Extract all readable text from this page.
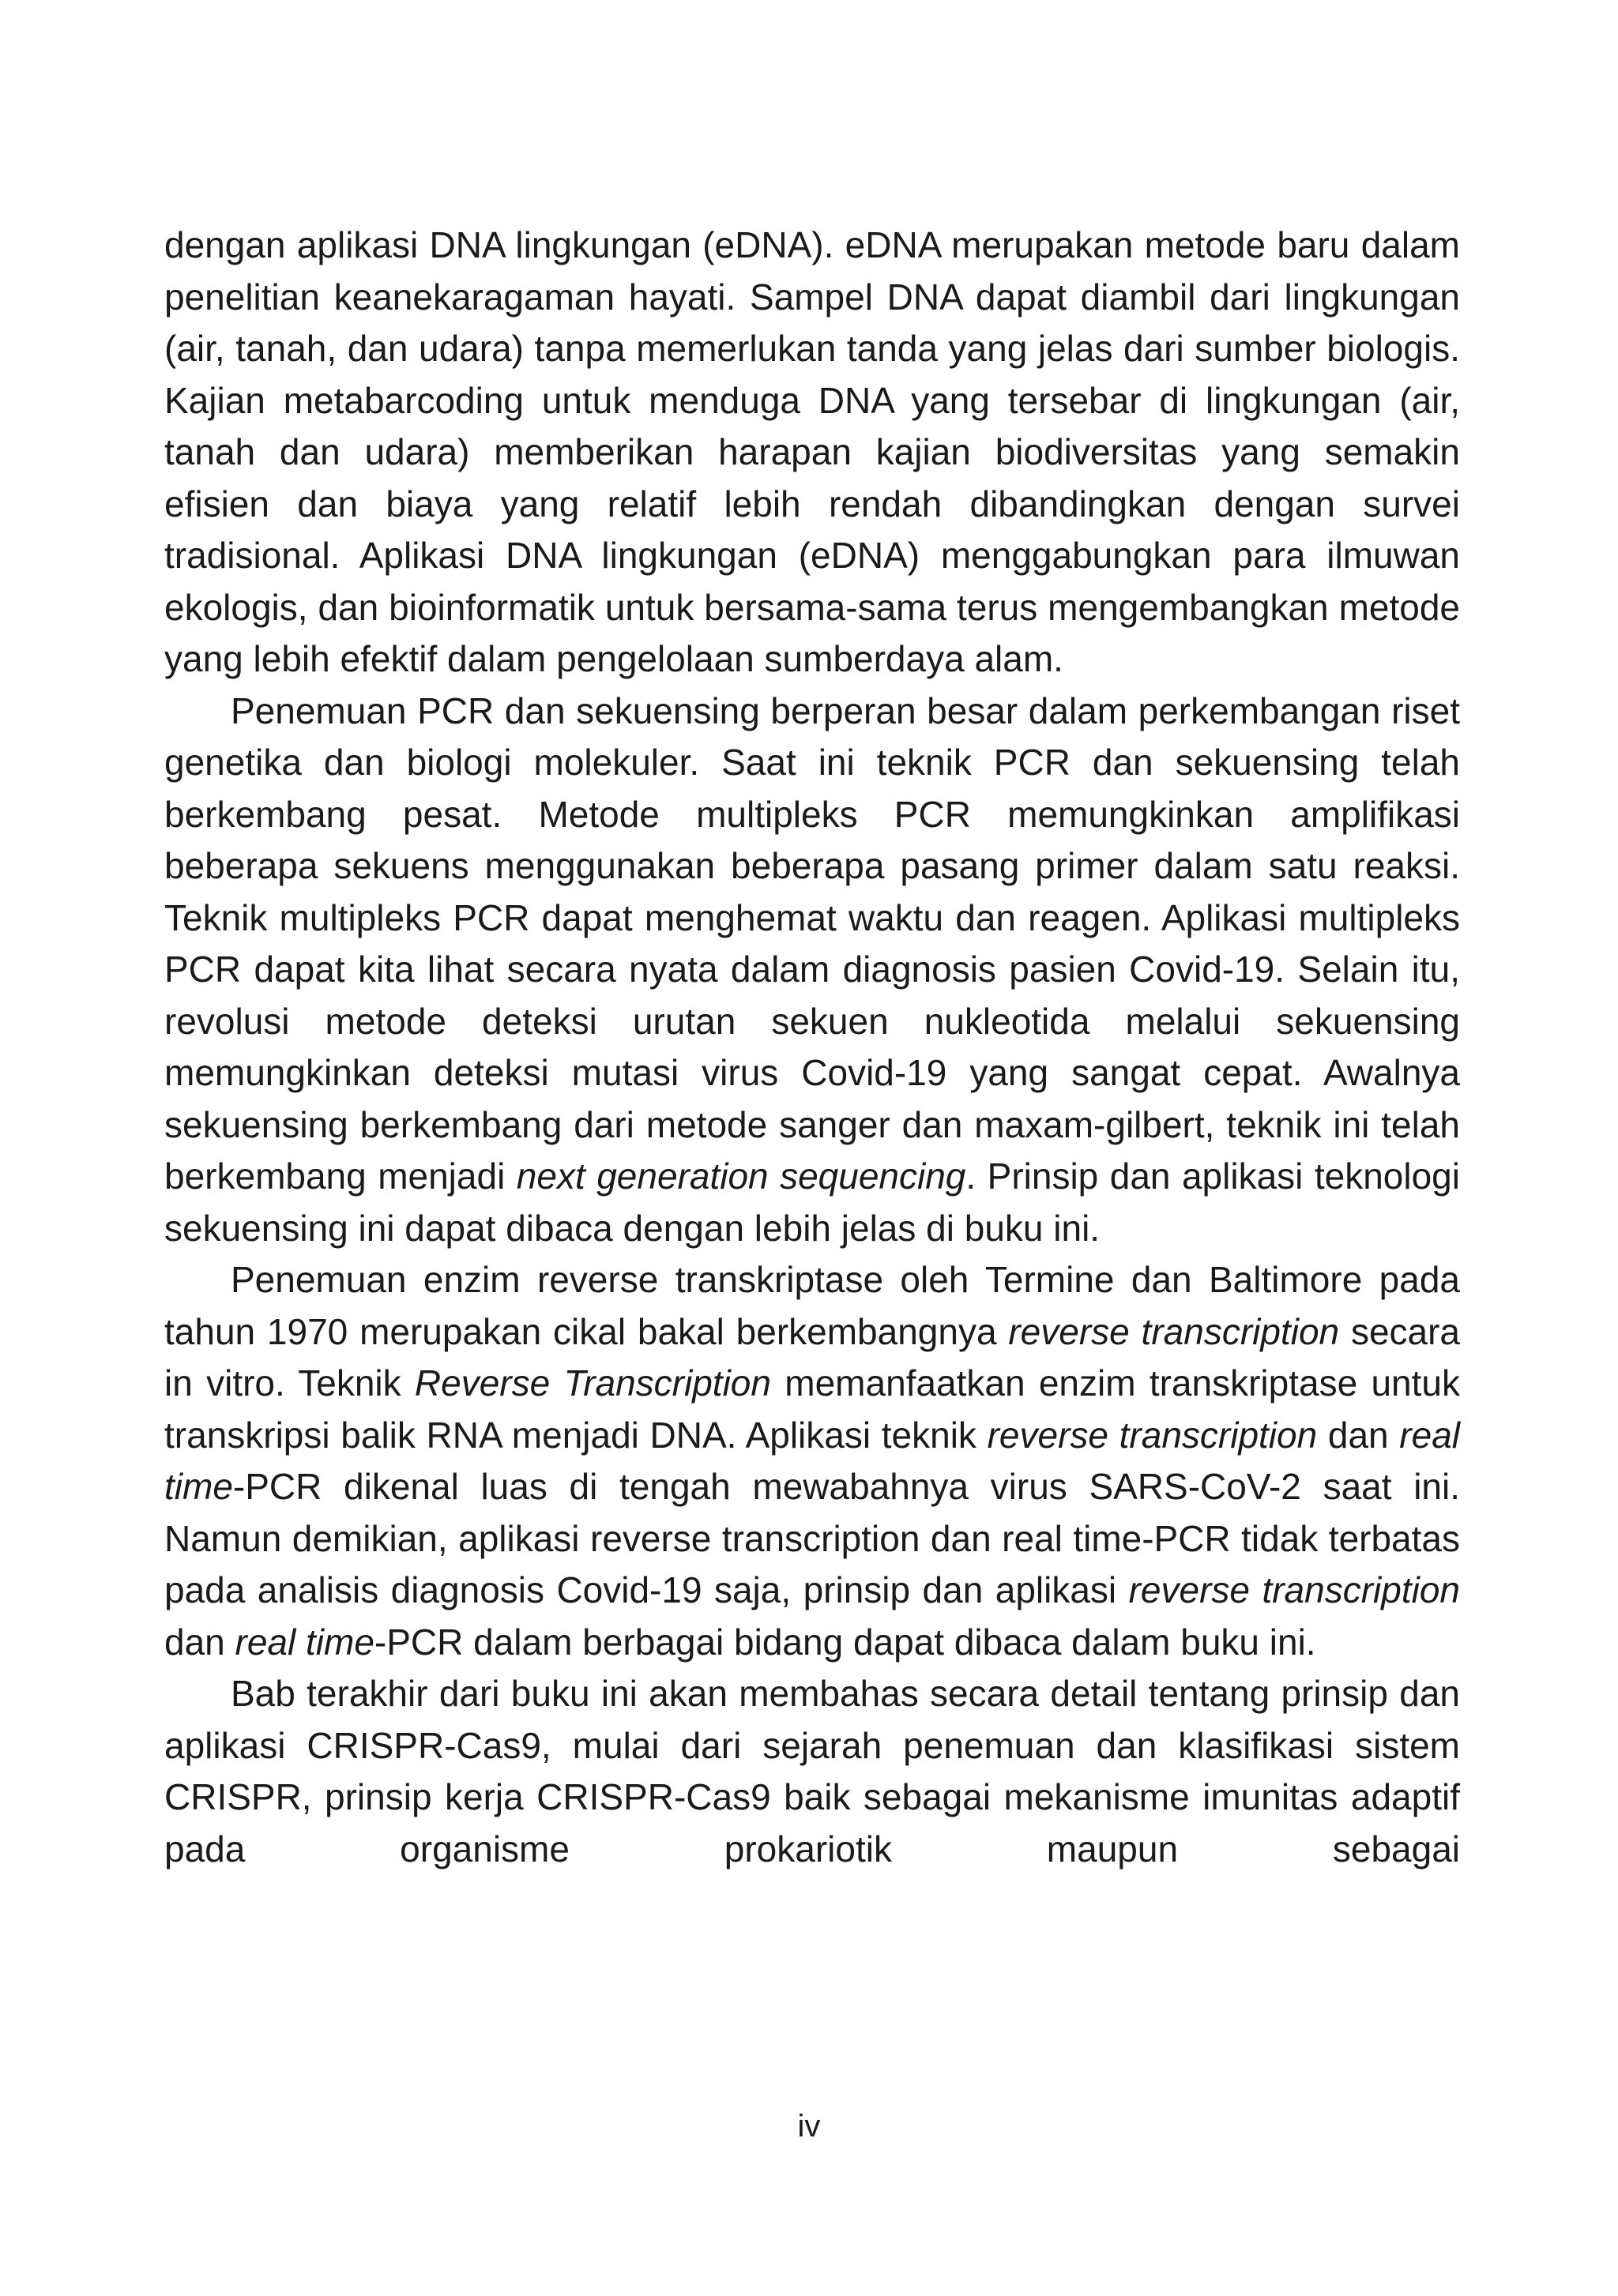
dengan aplikasi DNA lingkungan (eDNA). eDNA merupakan metode baru dalam penelitian keanekaragaman hayati. Sampel DNA dapat diambil dari lingkungan (air, tanah, dan udara) tanpa memerlukan tanda yang jelas dari sumber biologis. Kajian metabarcoding untuk menduga DNA yang tersebar di lingkungan (air, tanah dan udara) memberikan harapan kajian biodiversitas yang semakin efisien dan biaya yang relatif lebih rendah dibandingkan dengan survei tradisional. Aplikasi DNA lingkungan (eDNA) menggabungkan para ilmuwan ekologis, dan bioinformatik untuk bersama-sama terus mengembangkan metode yang lebih efektif dalam pengelolaan sumberdaya alam.

Penemuan PCR dan sekuensing berperan besar dalam perkembangan riset genetika dan biologi molekuler. Saat ini teknik PCR dan sekuensing telah berkembang pesat. Metode multipleks PCR memungkinkan amplifikasi beberapa sekuens menggunakan beberapa pasang primer dalam satu reaksi. Teknik multipleks PCR dapat menghemat waktu dan reagen. Aplikasi multipleks PCR dapat kita lihat secara nyata dalam diagnosis pasien Covid-19. Selain itu, revolusi metode deteksi urutan sekuen nukleotida melalui sekuensing memungkinkan deteksi mutasi virus Covid-19 yang sangat cepat. Awalnya sekuensing berkembang dari metode sanger dan maxam-gilbert, teknik ini telah berkembang menjadi next generation sequencing. Prinsip dan aplikasi teknologi sekuensing ini dapat dibaca dengan lebih jelas di buku ini.

Penemuan enzim reverse transkriptase oleh Termine dan Baltimore pada tahun 1970 merupakan cikal bakal berkembangnya reverse transcription secara in vitro. Teknik Reverse Transcription memanfaatkan enzim transkriptase untuk transkripsi balik RNA menjadi DNA. Aplikasi teknik reverse transcription dan real time-PCR dikenal luas di tengah mewabahnya virus SARS-CoV-2 saat ini. Namun demikian, aplikasi reverse transcription dan real time-PCR tidak terbatas pada analisis diagnosis Covid-19 saja, prinsip dan aplikasi reverse transcription dan real time-PCR dalam berbagai bidang dapat dibaca dalam buku ini.

Bab terakhir dari buku ini akan membahas secara detail tentang prinsip dan aplikasi CRISPR-Cas9, mulai dari sejarah penemuan dan klasifikasi sistem CRISPR, prinsip kerja CRISPR-Cas9 baik sebagai mekanisme imunitas adaptif pada organisme prokariotik maupun sebagai

iv
